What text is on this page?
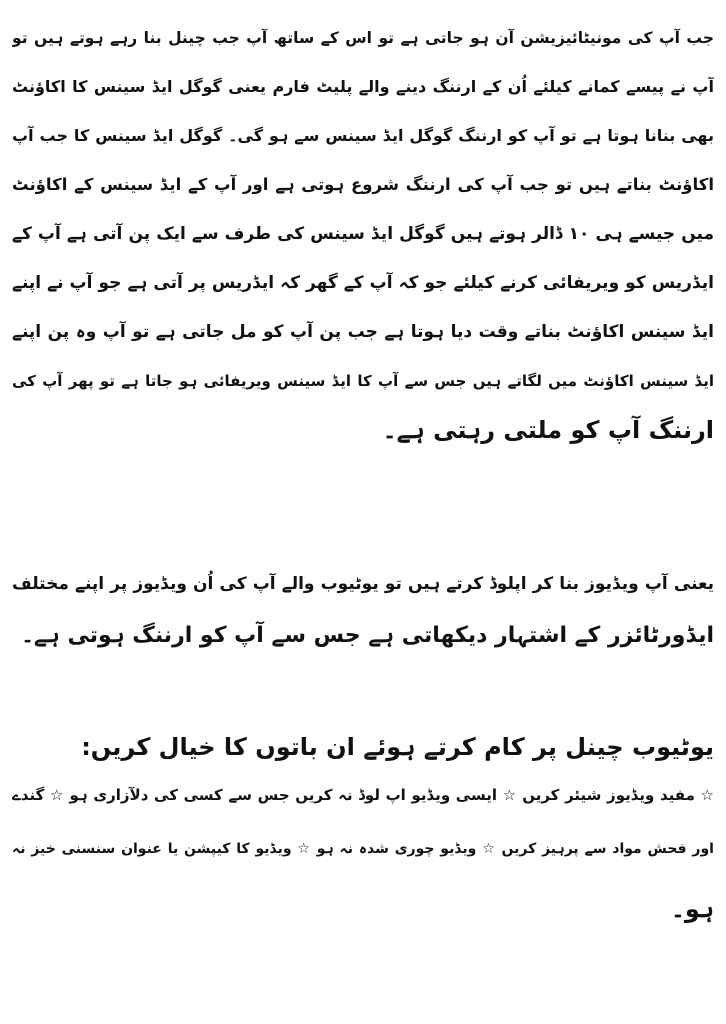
جب آپ کی مونیٹائیزیشن آن ہو جاتی ہے تو اس کے ساتھ آپ جب چینل بنا رہے ہوتے ہیں تو
آپ نے پیسے کمانے کیلئے اُن کے ارننگ دینے والے پلیٹ فارم یعنی گوگل ایڈ سینس کا اکاؤنٹ
بھی بنانا ہوتا ہے تو آپ کو ارننگ گوگل ایڈ سینس سے ہو گی۔ گوگل ایڈ سینس کا جب آپ
اکاؤنٹ بناتے ہیں تو جب آپ کی ارننگ شروع ہوتی ہے اور آپ کے ایڈ سینس کے اکاؤنٹ
میں جیسے ہی ۱۰ ڈالر ہوتے ہیں گوگل ایڈ سینس کی طرف سے ایک پن آتی ہے آپ کے
ایڈریس کو ویریفائی کرنے کیلئے جو کہ آپ کے گھر کہ ایڈریس پر آتی ہے جو آپ نے اپنے
ایڈ سینس اکاؤنٹ بناتے وقت دیا ہوتا ہے جب پن آپ کو مل جاتی ہے تو آپ وہ پن اپنے
ایڈ سینس اکاؤنٹ میں لگاتے ہیں جس سے آپ کا ایڈ سینس ویریفائی ہو جاتا ہے تو پھر آپ کی
ارننگ آپ کو ملتی رہتی ہے۔
یعنی آپ ویڈیوز بنا کر اپلوڈ کرتے ہیں تو یوٹیوب والے آپ کی اُن ویڈیوز پر اپنے مختلف
ایڈورٹائزر کے اشتہار دیکھاتی ہے جس سے آپ کو ارننگ ہوتی ہے۔
یوٹیوب چینل پر کام کرتے ہوئے ان باتوں کا خیال کریں:
☆ مفید ویڈیوز شیئر کریں ☆ ایسی ویڈیو اپ لوڈ نہ کریں جس سے کسی کی دلآزاری ہو ☆ گندے
اور فحش مواد سے پرہیز کریں ☆ ویڈیو چوری شدہ نہ ہو ☆ ویڈیو کا کیپشن یا عنوان سنسنی خیز نہ
ہو۔
